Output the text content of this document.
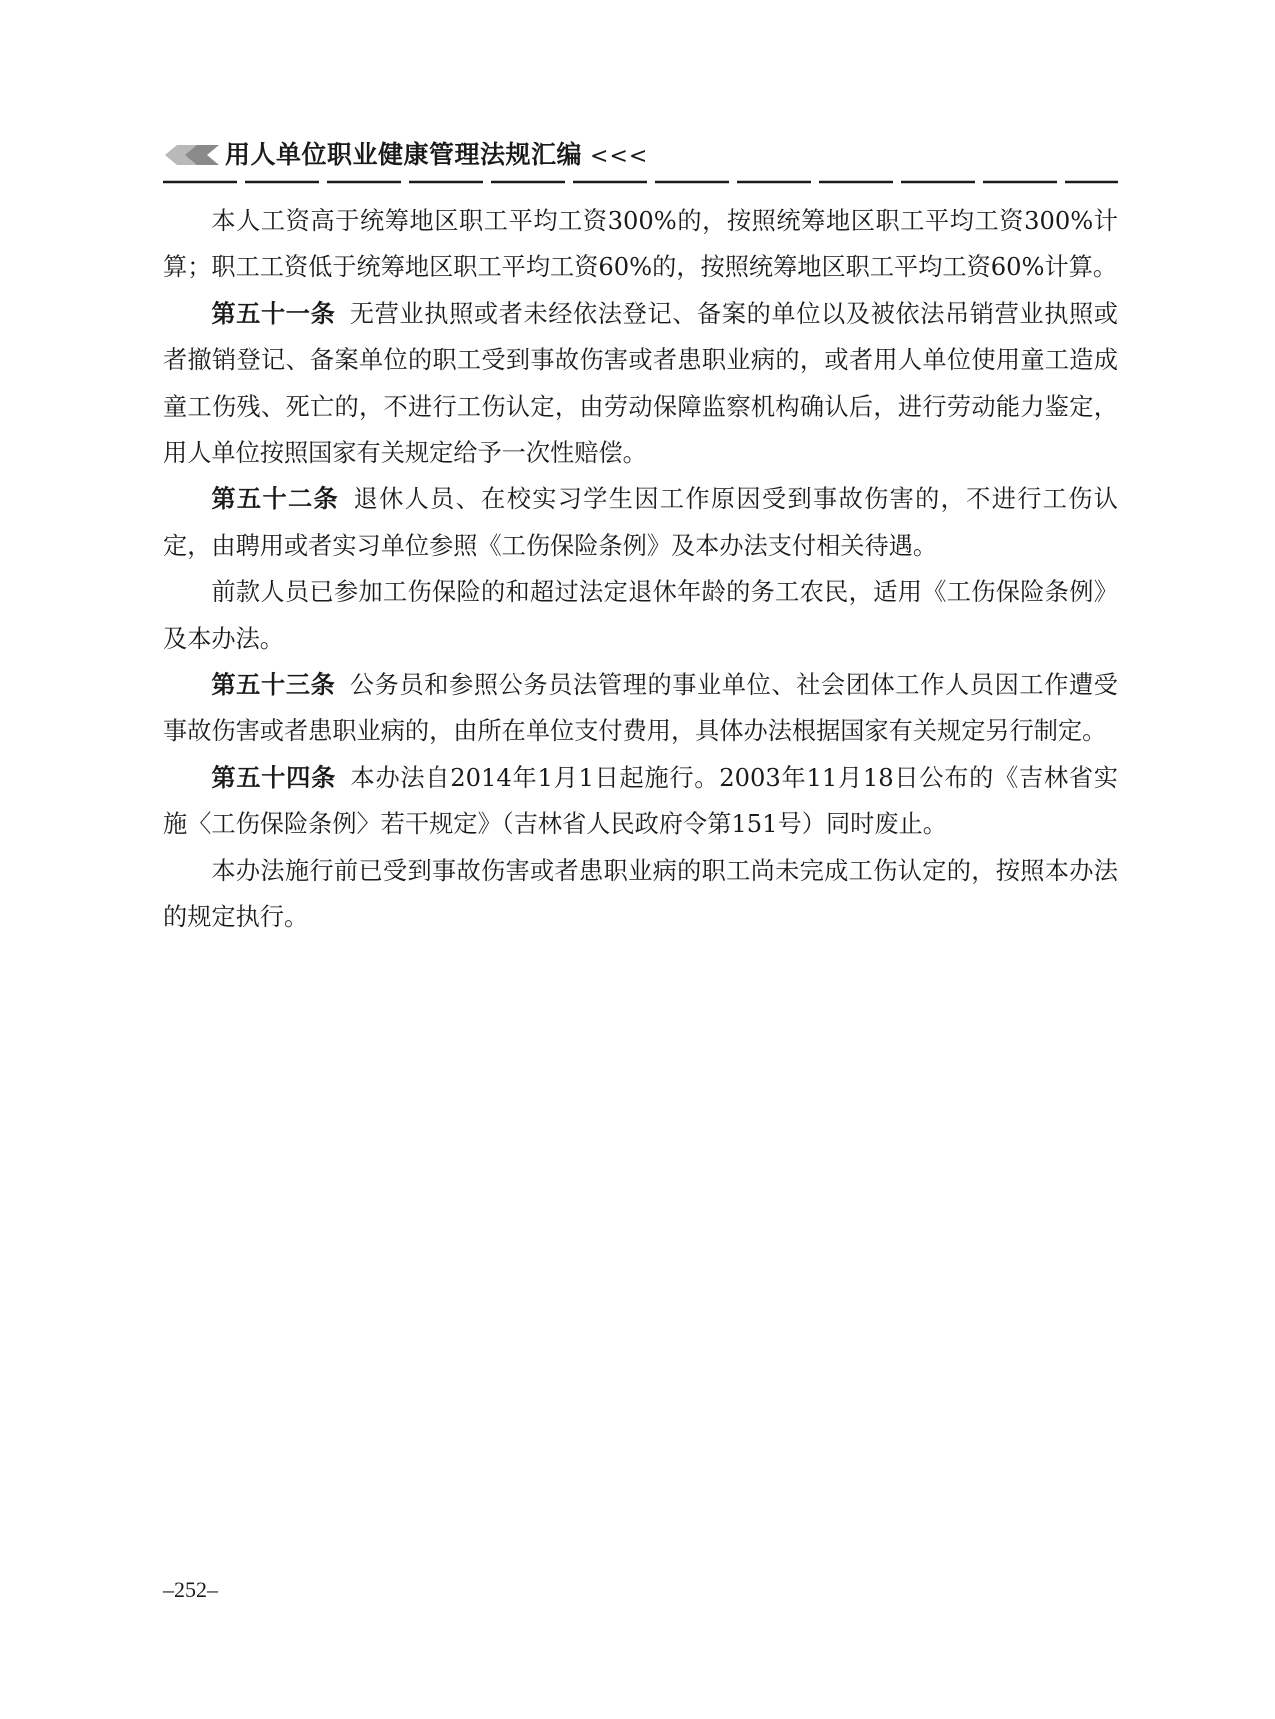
用人单位职业健康管理法规汇编 <<<

本人工资高于统筹地区职工平均工资300%的，按照统筹地区职工平均工资300%计算；职工工资低于统筹地区职工平均工资60%的，按照统筹地区职工平均工资60%计算。

第五十一条 无营业执照或者未经依法登记、备案的单位以及被依法吊销营业执照或者撤销登记、备案单位的职工受到事故伤害或者患职业病的，或者用人单位使用童工造成童工伤残、死亡的，不进行工伤认定，由劳动保障监察机构确认后，进行劳动能力鉴定，用人单位按照国家有关规定给予一次性赔偿。

第五十二条 退休人员、在校实习学生因工作原因受到事故伤害的，不进行工伤认定，由聘用或者实习单位参照《工伤保险条例》及本办法支付相关待遇。

前款人员已参加工伤保险的和超过法定退休年龄的务工农民，适用《工伤保险条例》及本办法。

第五十三条 公务员和参照公务员法管理的事业单位、社会团体工作人员因工作遭受事故伤害或者患职业病的，由所在单位支付费用，具体办法根据国家有关规定另行制定。

第五十四条 本办法自2014年1月1日起施行。2003年11月18日公布的《吉林省实施〈工伤保险条例〉若干规定》（吉林省人民政府令第151号）同时废止。

本办法施行前已受到事故伤害或者患职业病的职工尚未完成工伤认定的，按照本办法的规定执行。

–252–
